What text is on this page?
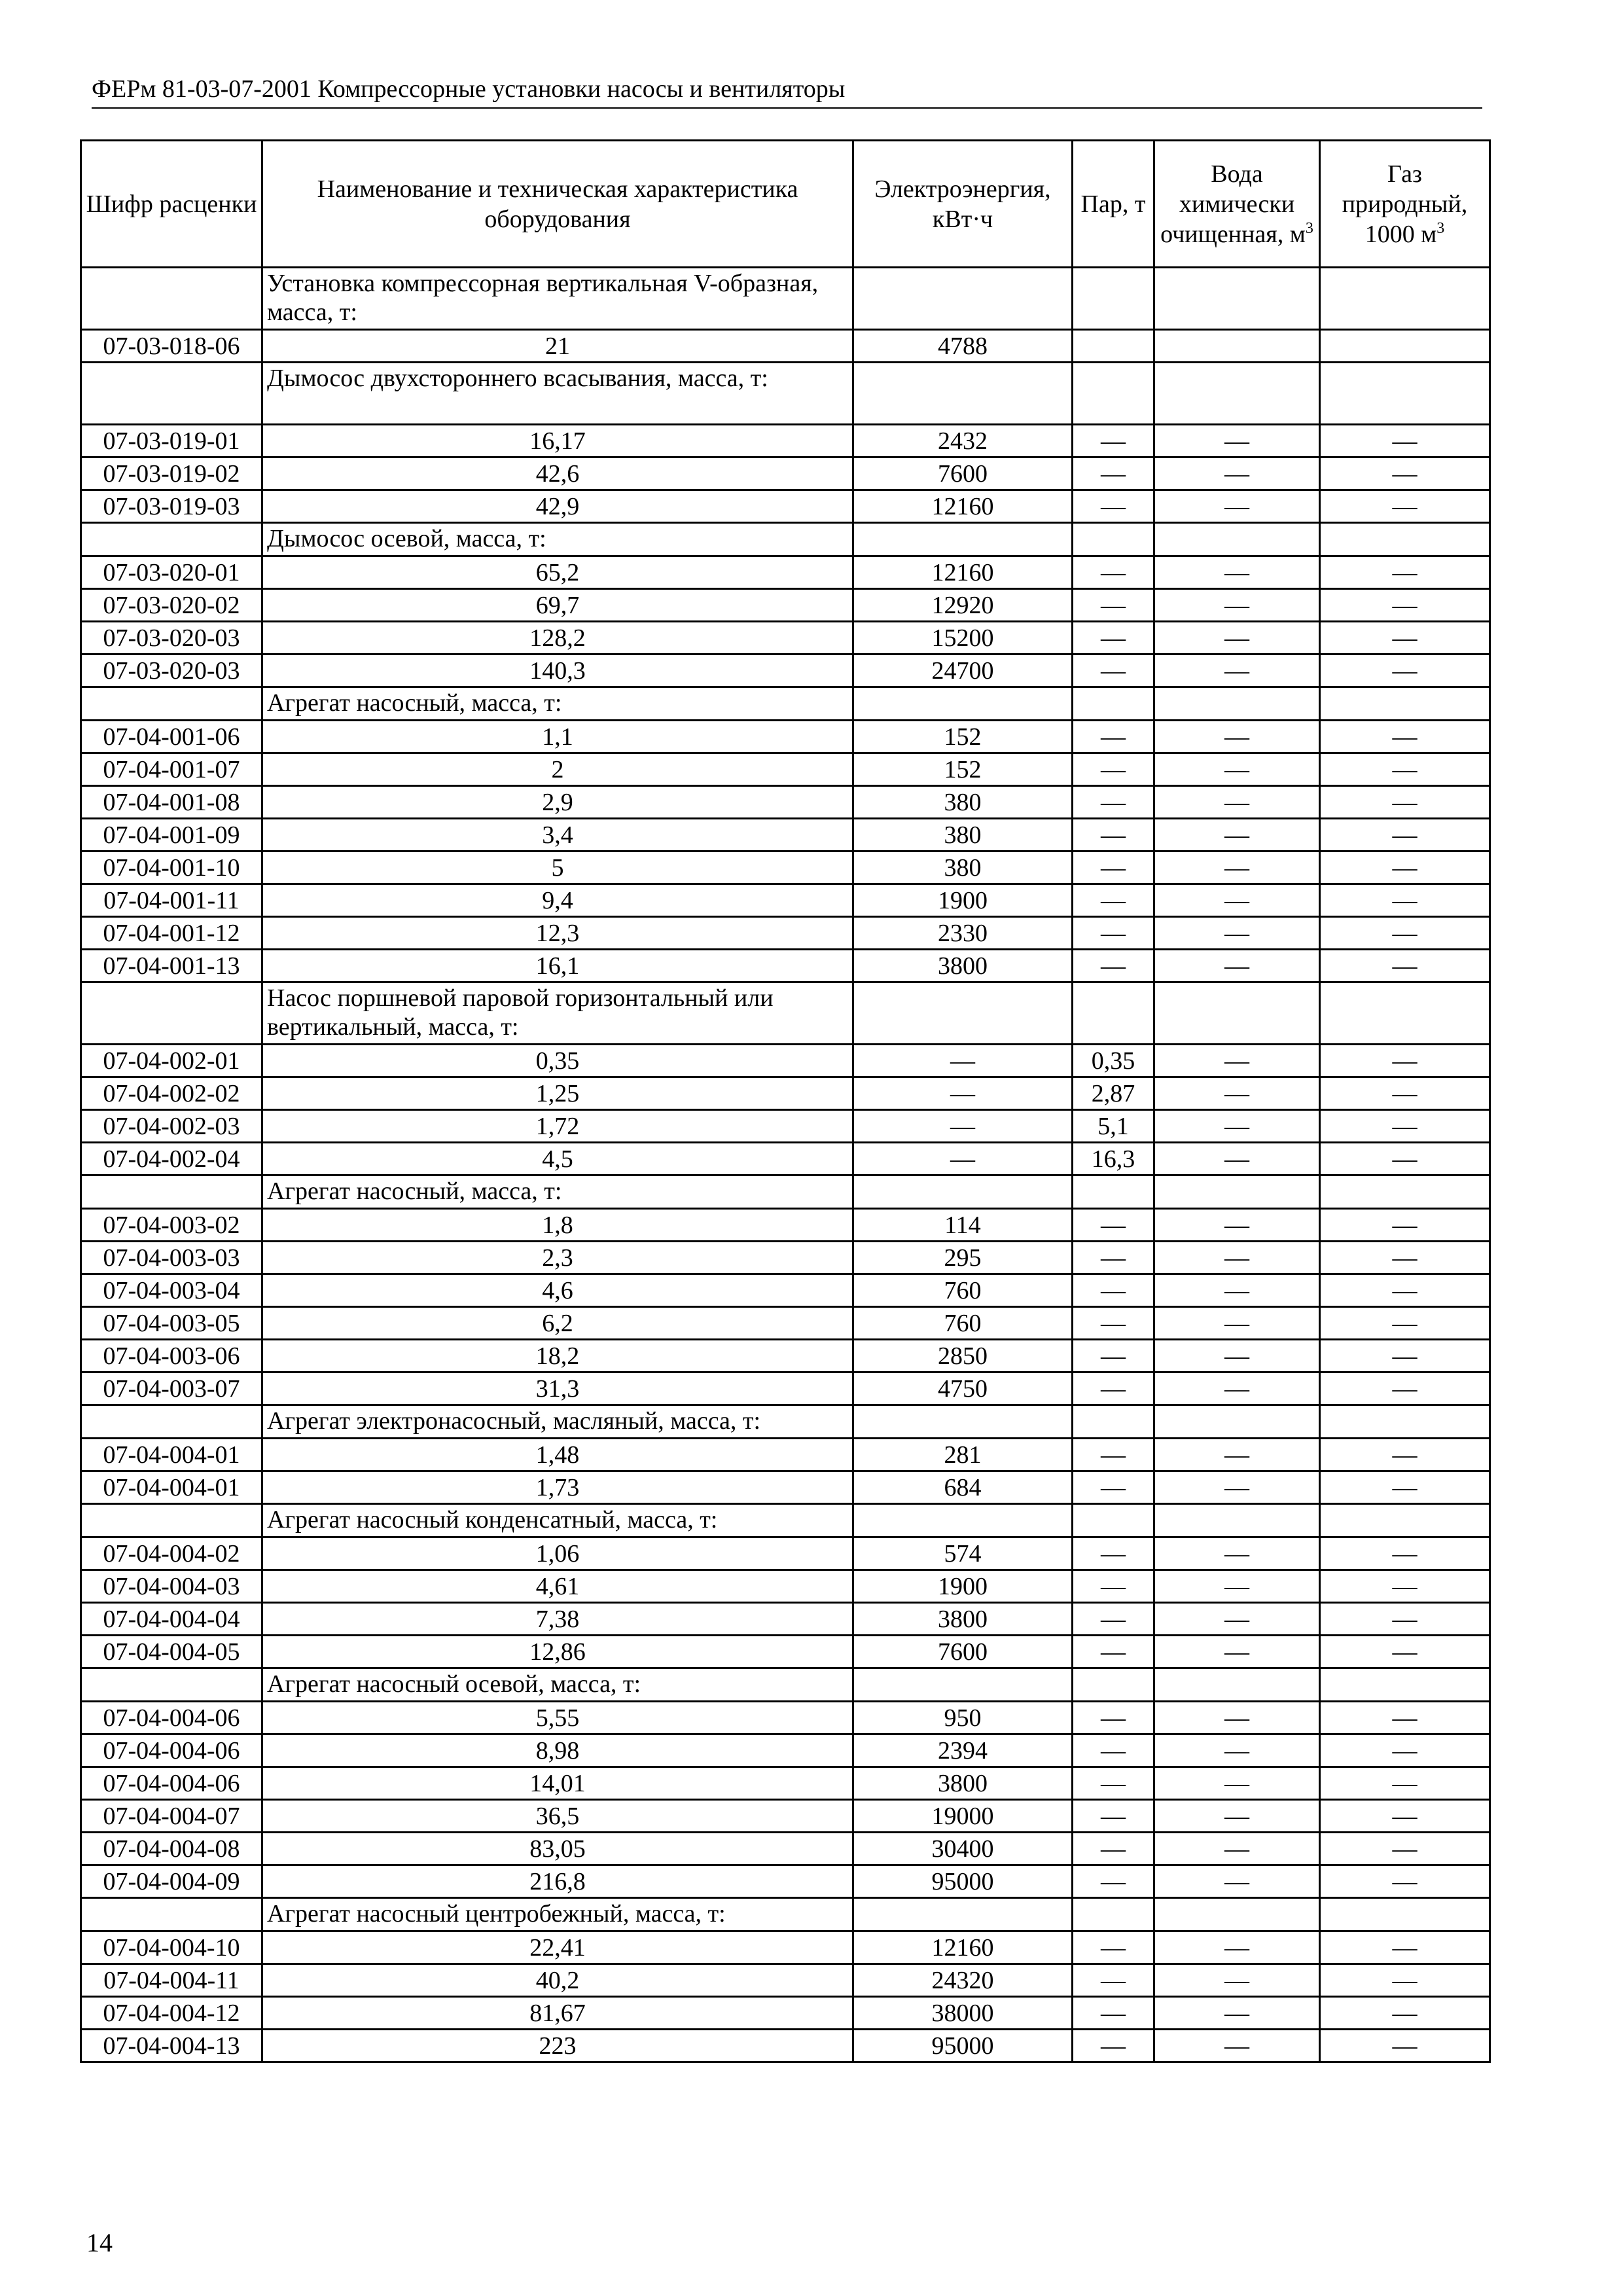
ФЕРм 81-03-07-2001 Компрессорные установки насосы и вентиляторы
Шифр расценки	Наименование и техническая характеристика оборудования	Электроэнергия, кВт·ч	Пар, т	Вода химически очищенная, $м^3$	Газ природный, 1000 $м^3$
	Установка компрессорная вертикальная V-образная, масса, т:				
07-03-018-06	21	4788			
	Дымосос двухстороннего всасывания, масса, т:				
07-03-019-01	16,17	2432	—	—	—
07-03-019-02	42,6	7600	—	—	—
07-03-019-03	42,9	12160	—	—	—
	Дымосос осевой, масса, т:				
07-03-020-01	65,2	12160	—	—	—
07-03-020-02	69,7	12920	—	—	—
07-03-020-03	128,2	15200	—	—	—
07-03-020-03	140,3	24700	—	—	—
	Агрегат насосный, масса, т:				
07-04-001-06	1,1	152	—	—	—
07-04-001-07	2	152	—	—	—
07-04-001-08	2,9	380	—	—	—
07-04-001-09	3,4	380	—	—	—
07-04-001-10	5	380	—	—	—
07-04-001-11	9,4	1900	—	—	—
07-04-001-12	12,3	2330	—	—	—
07-04-001-13	16,1	3800	—	—	—
	Насос поршневой паровой горизонтальный или вертикальный, масса, т:				
07-04-002-01	0,35	—	0,35	—	—
07-04-002-02	1,25	—	2,87	—	—
07-04-002-03	1,72	—	5,1	—	—
07-04-002-04	4,5	—	16,3	—	—
	Агрегат насосный, масса, т:				
07-04-003-02	1,8	114	—	—	—
07-04-003-03	2,3	295	—	—	—
07-04-003-04	4,6	760	—	—	—
07-04-003-05	6,2	760	—	—	—
07-04-003-06	18,2	2850	—	—	—
07-04-003-07	31,3	4750	—	—	—
	Агрегат электронасосный, масляный, масса, т:				
07-04-004-01	1,48	281	—	—	—
07-04-004-01	1,73	684	—	—	—
	Агрегат насосный конденсатный, масса, т:				
07-04-004-02	1,06	574	—	—	—
07-04-004-03	4,61	1900	—	—	—
07-04-004-04	7,38	3800	—	—	—
07-04-004-05	12,86	7600	—	—	—
	Агрегат насосный осевой, масса, т:				
07-04-004-06	5,55	950	—	—	—
07-04-004-06	8,98	2394	—	—	—
07-04-004-06	14,01	3800	—	—	—
07-04-004-07	36,5	19000	—	—	—
07-04-004-08	83,05	30400	—	—	—
07-04-004-09	216,8	95000	—	—	—
	Агрегат насосный центробежный, масса, т:				
07-04-004-10	22,41	12160	—	—	—
07-04-004-11	40,2	24320	—	—	—
07-04-004-12	81,67	38000	—	—	—
07-04-004-13	223	95000	—	—	—
14
